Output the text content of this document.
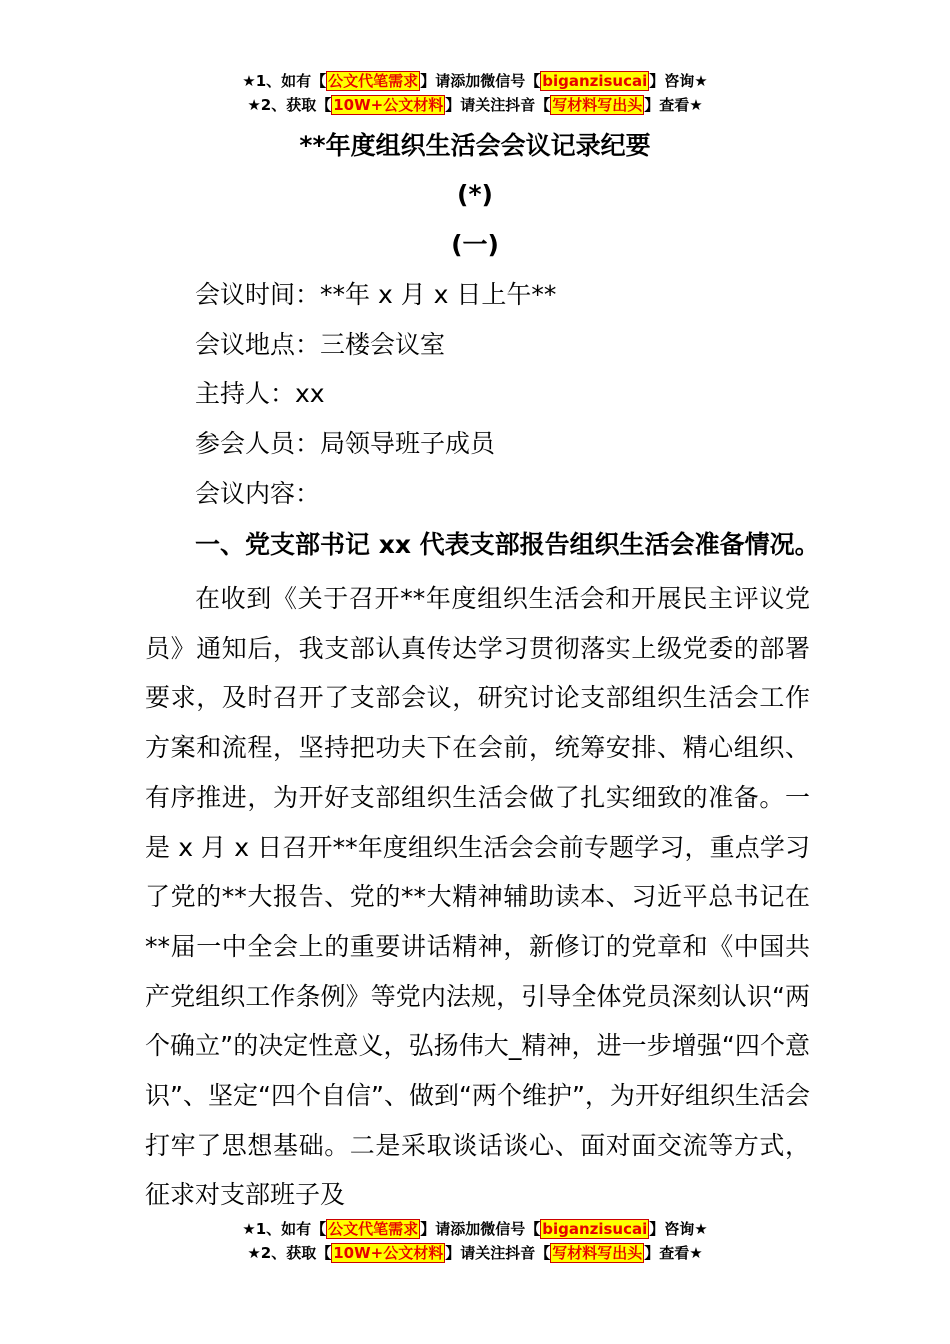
★1、如有【 公文代笔需求 】请添加微信号【 biganzisucai 】咨询★
★2、获取【 10W+公文材料 】请关注抖音【 写材料写出头 】查看★
**年度组织生活会会议记录纪要
(*)
(一)
会议时间：**年 x 月 x 日上午**
会议地点：三楼会议室
主持人：xx
参会人员：局领导班子成员
会议内容：
一、党支部书记 xx 代表支部报告组织生活会准备情况。

在收到《关于召开**年度组织生活会和开展民主评议党员》通知后，我支部认真传达学习贯彻落实上级党委的部署要求，及时召开了支部会议，研究讨论支部组织生活会工作方案和流程，坚持把功夫下在会前，统筹安排、精心组织、有序推进，为开好支部组织生活会做了扎实细致的准备。一是 x 月 x 日召开**年度组织生活会会前专题学习，重点学习了党的**大报告、党的**大精神辅助读本、习近平总书记在**届一中全会上的重要讲话精神，新修订的党章和《中国共产党组织工作条例》等党内法规，引导全体党员深刻认识“两个确立”的决定性意义，弘扬伟大_精神，进一步增强“四个意识”、坚定“四个自信”、做到“两个维护”，为开好组织生活会打牢了思想基础。二是采取谈话谈心、面对面交流等方式，征求对支部班子及

★1、如有【 公文代笔需求 】请添加微信号【 biganzisucai 】咨询★
★2、获取【 10W+公文材料 】请关注抖音【 写材料写出头 】查看★
